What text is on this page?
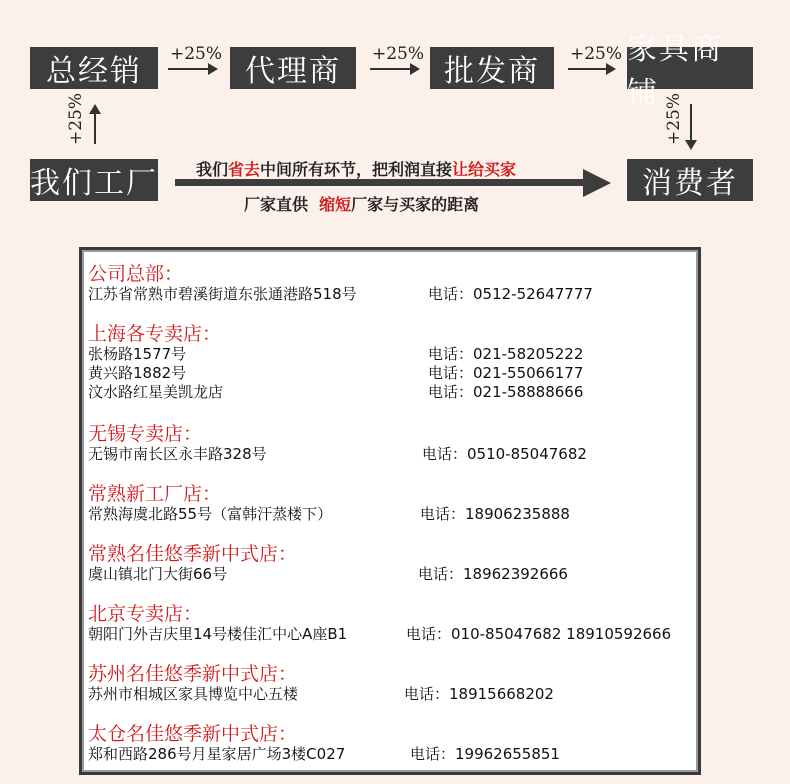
总经销	+25% 代理商	+25% 批发商	+25% 家具商铺
+25%	+25%
我们工厂	消费者
我们省去中间所有环节，把利润直接让给买家
厂家直供 缩短厂家与买家的距离
公司总部：
江苏省常熟市碧溪街道东张通港路518号	电话：0512-52647777
上海各专卖店：
张杨路1577号	电话：021-58205222
黄兴路1882号	电话：021-55066177
汶水路红星美凯龙店	电话：021-58888666
无锡专卖店：
无锡市南长区永丰路328号	电话：0510-85047682
常熟新工厂店：
常熟海虞北路55号（富韩汗蒸楼下）	电话：18906235888
常熟名佳悠季新中式店：
虞山镇北门大街66号	电话：18962392666
北京专卖店：
朝阳门外吉庆里14号楼佳汇中心A座B1	电话：010-85047682 18910592666
苏州名佳悠季新中式店：
苏州市相城区家具博览中心五楼	电话：18915668202
太仓名佳悠季新中式店：
郑和西路286号月星家居广场3楼C027	电话：19962655851
